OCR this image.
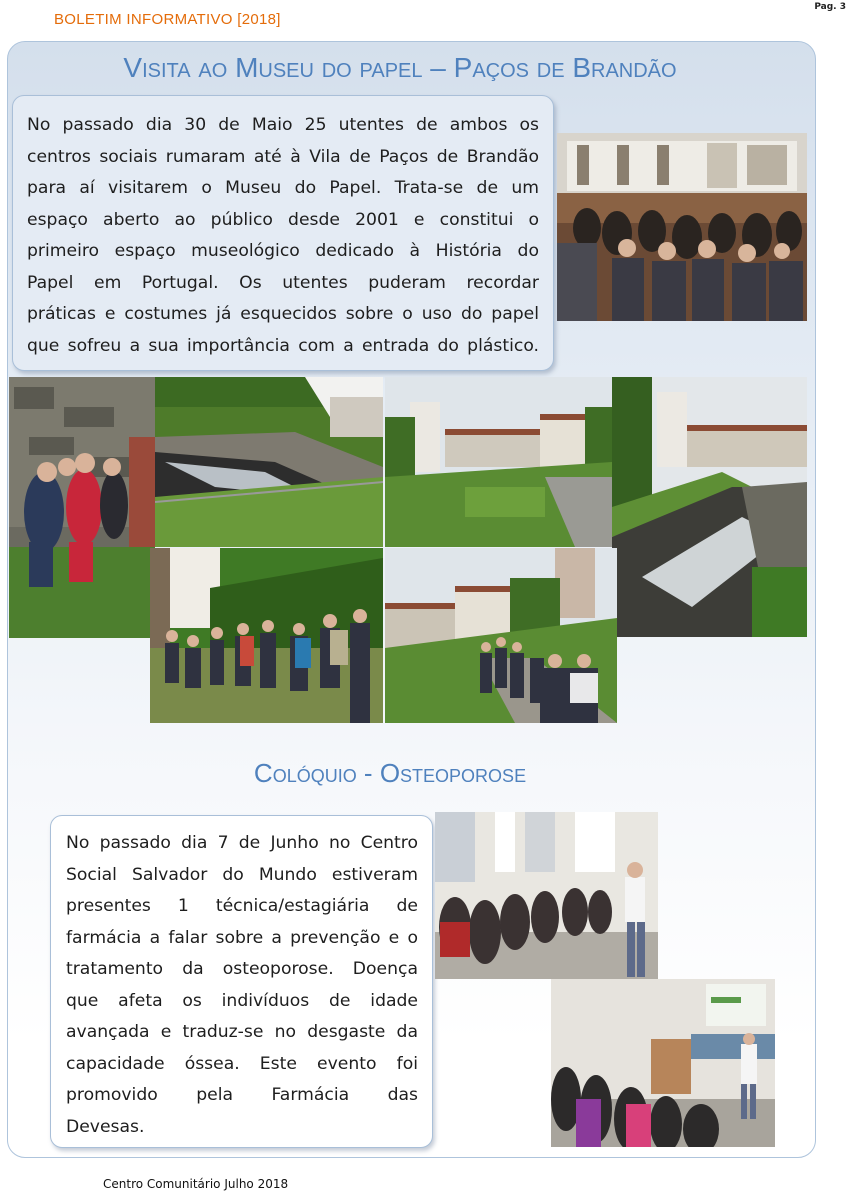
BOLETIM INFORMATIVO [2018]
Pag. 3
Visita ao Museu do papel – Paços de Brandão

No passado dia 30 de Maio 25 utentes de ambos os

centros sociais rumaram até à Vila de Paços de Brandão

para aí visitarem o Museu do Papel. Trata-se de um

espaço aberto ao público desde 2001 e constitui o

primeiro espaço museológico dedicado à História do

Papel em Portugal. Os utentes puderam recordar

práticas e costumes já esquecidos sobre o uso do papel

que sofreu a sua importância com a entrada do plástico.

Colóquio - Osteoporose

No passado dia 7 de Junho no Centro

Social Salvador do Mundo estiveram

presentes 1 técnica/estagiária de

farmácia a falar sobre a prevenção e o

tratamento da osteoporose. Doença

que afeta os indivíduos de idade

avançada e traduz-se no desgaste da

capacidade óssea. Este evento foi

promovido pela Farmácia das

Devesas.

Centro Comunitário Julho 2018
